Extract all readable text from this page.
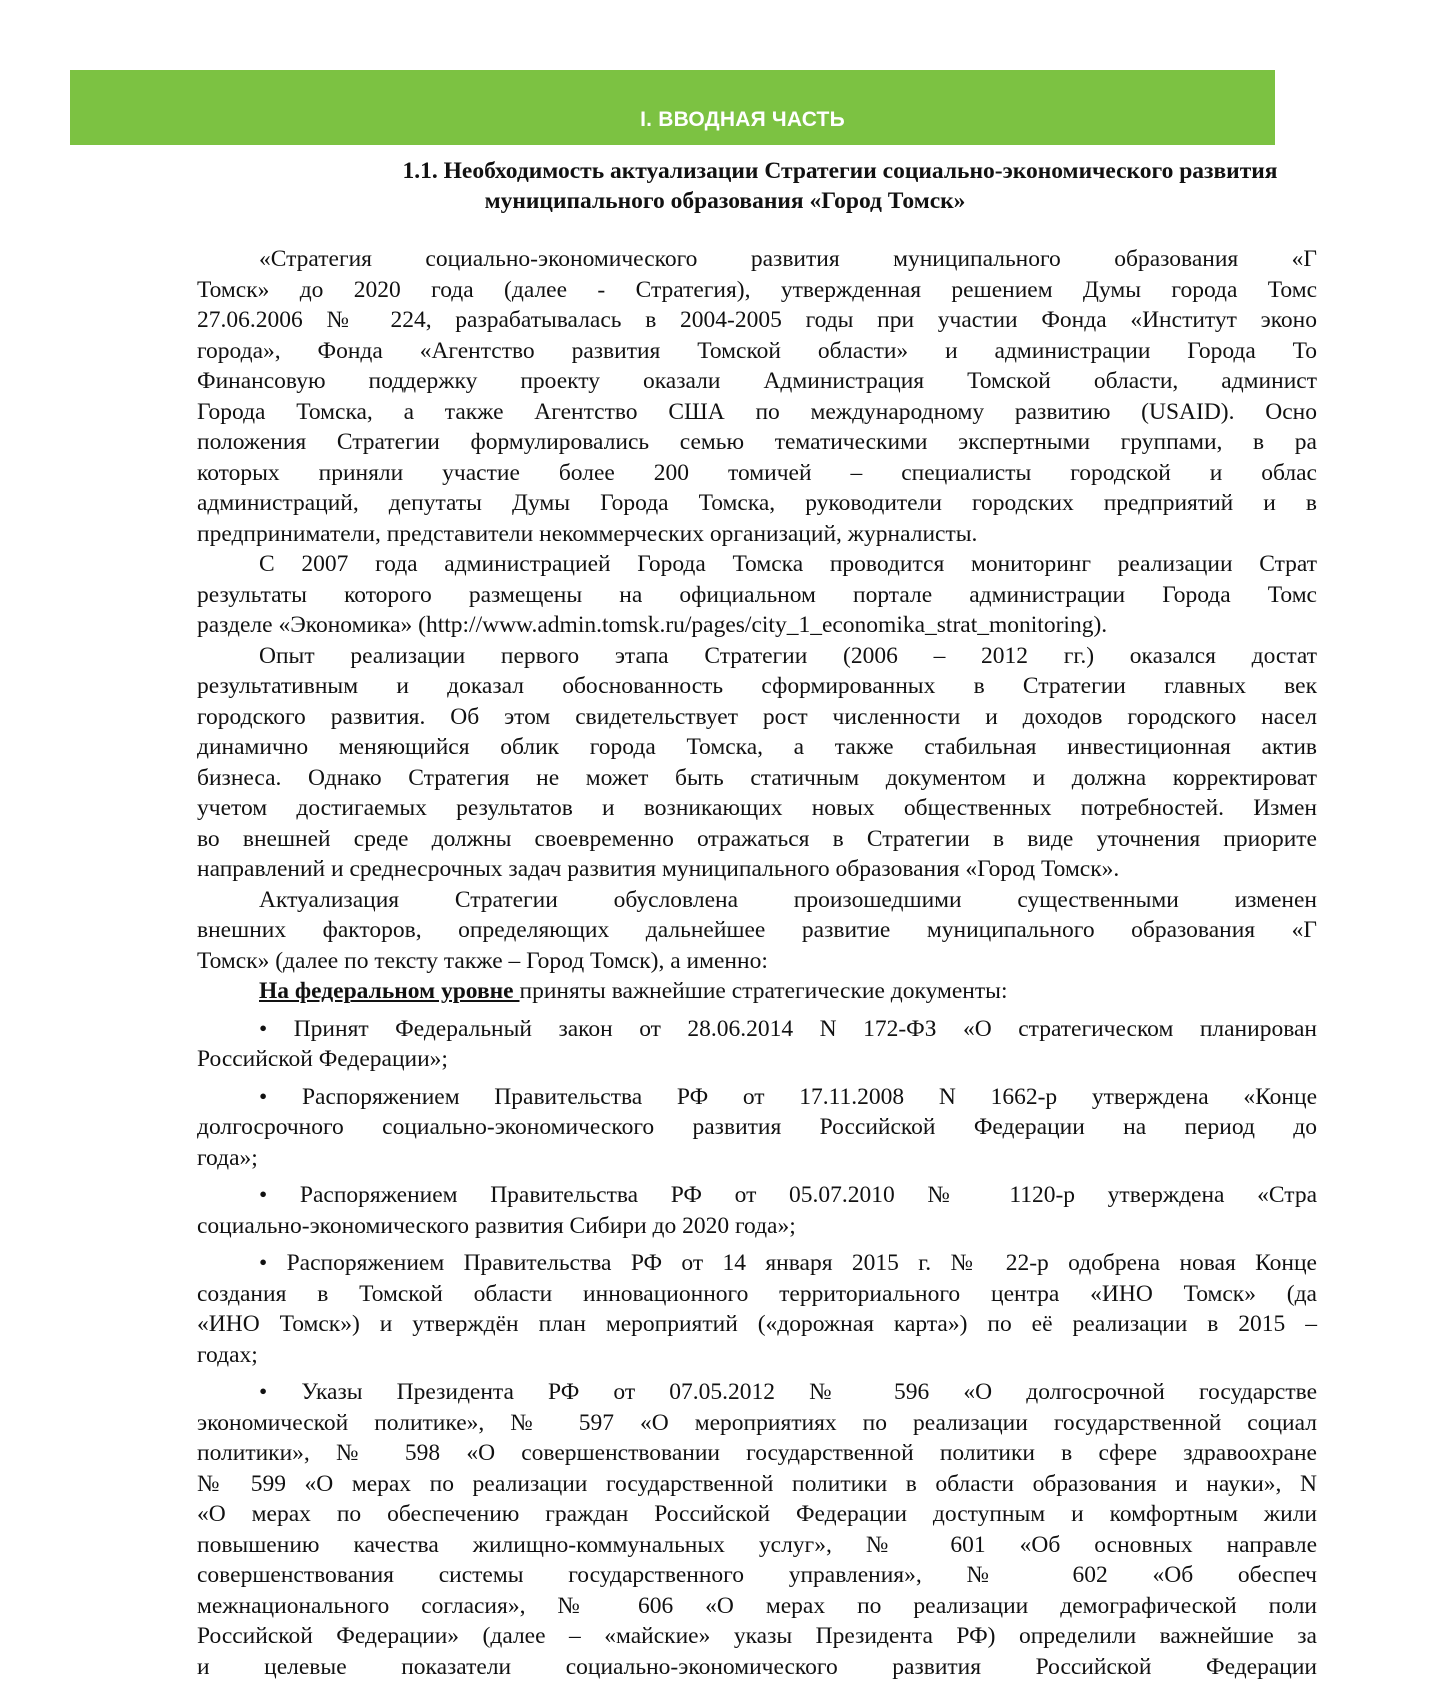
I. ВВОДНАЯ ЧАСТЬ
1.1. Необходимость актуализации Стратегии социально-экономического развития
муниципального образования «Город Томск»
«Стратегия социально-экономического развития муниципального образования «Г
Томск» до 2020 года (далее - Стратегия), утвержденная решением Думы города Томс
27.06.2006 № 224, разрабатывалась в 2004-2005 годы при участии Фонда «Институт эконо
города», Фонда «Агентство развития Томской области» и администрации Города То
Финансовую поддержку проекту оказали Администрация Томской области, админист
Города Томска, а также Агентство США по международному развитию (USAID). Осно
положения Стратегии формулировались семью тематическими экспертными группами, в ра
которых приняли участие более 200 томичей – специалисты городской и облас
администраций, депутаты Думы Города Томска, руководители городских предприятий и в
предприниматели, представители некоммерческих организаций, журналисты.
С 2007 года администрацией Города Томска проводится мониторинг реализации Страт
результаты которого размещены на официальном портале администрации Города Томс
разделе «Экономика» (http://www.admin.tomsk.ru/pages/city_1_economika_strat_monitoring).
Опыт реализации первого этапа Стратегии (2006 – 2012 гг.) оказался достат
результативным и доказал обоснованность сформированных в Стратегии главных век
городского развития. Об этом свидетельствует рост численности и доходов городского насел
динамично меняющийся облик города Томска, а также стабильная инвестиционная актив
бизнеса. Однако Стратегия не может быть статичным документом и должна корректироват
учетом достигаемых результатов и возникающих новых общественных потребностей. Измен
во внешней среде должны своевременно отражаться в Стратегии в виде уточнения приорите
направлений и среднесрочных задач развития муниципального образования «Город Томск».
Актуализация Стратегии обусловлена произошедшими существенными изменен
внешних факторов, определяющих дальнейшее развитие муниципального образования «Г
Томск» (далее по тексту также – Город Томск), а именно:
На федеральном уровне приняты важнейшие стратегические документы:
• Принят Федеральный закон от 28.06.2014 N 172-ФЗ «О стратегическом планирован
Российской Федерации»;
• Распоряжением Правительства РФ от 17.11.2008 N 1662-р утверждена «Конце
долгосрочного социально-экономического развития Российской Федерации на период до
года»;
• Распоряжением Правительства РФ от 05.07.2010 № 1120-р утверждена «Стра
социально-экономического развития Сибири до 2020 года»;
• Распоряжением Правительства РФ от 14 января 2015 г. № 22-р одобрена новая Конце
создания в Томской области инновационного территориального центра «ИНО Томск» (да
«ИНО Томск») и утверждён план мероприятий («дорожная карта») по её реализации в 2015 –
годах;
• Указы Президента РФ от 07.05.2012 № 596 «О долгосрочной государстве
экономической политике», № 597 «О мероприятиях по реализации государственной социал
политики», № 598 «О совершенствовании государственной политики в сфере здравоохране
№ 599 «О мерах по реализации государственной политики в области образования и науки», N
«О мерах по обеспечению граждан Российской Федерации доступным и комфортным жили
повышению качества жилищно-коммунальных услуг», № 601 «Об основных направле
совершенствования системы государственного управления», № 602 «Об обеспеч
межнационального согласия», № 606 «О мерах по реализации демографической поли
Российской Федерации» (далее – «майские» указы Президента РФ) определили важнейшие за
и целевые показатели социально-экономического развития Российской Федерации
